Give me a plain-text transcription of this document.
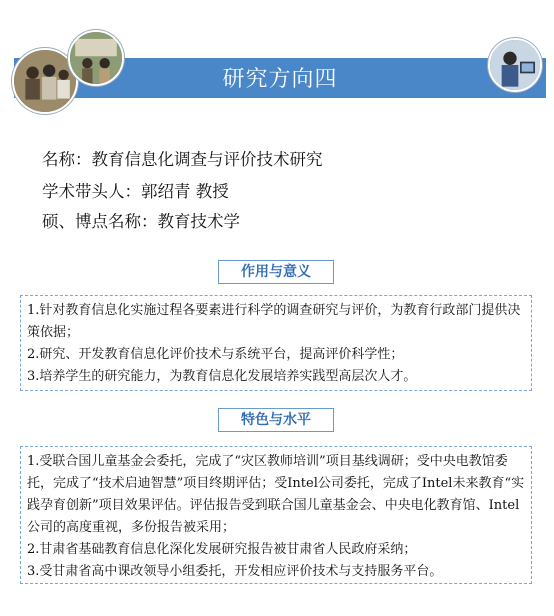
研究方向四
名称：教育信息化调查与评价技术研究
学术带头人：郭绍青 教授
硕、博点名称：教育技术学
作用与意义

1.针对教育信息化实施过程各要素进行科学的调查研究与评价，为教育行政部门提供决策依据；

2.研究、开发教育信息化评价技术与系统平台，提高评价科学性；

3.培养学生的研究能力，为教育信息化发展培养实践型高层次人才。

特色与水平

1.受联合国儿童基金会委托，完成了“灾区教师培训”项目基线调研；受中央电教馆委托，完成了“技术启迪智慧”项目终期评估；受Intel公司委托，完成了Intel未来教育“实践孕育创新”项目效果评估。评估报告受到联合国儿童基金会、中央电化教育馆、Intel公司的高度重视，多份报告被采用；

2.甘肃省基础教育信息化深化发展研究报告被甘肃省人民政府采纳；

3.受甘肃省高中课改领导小组委托，开发相应评价技术与支持服务平台。
